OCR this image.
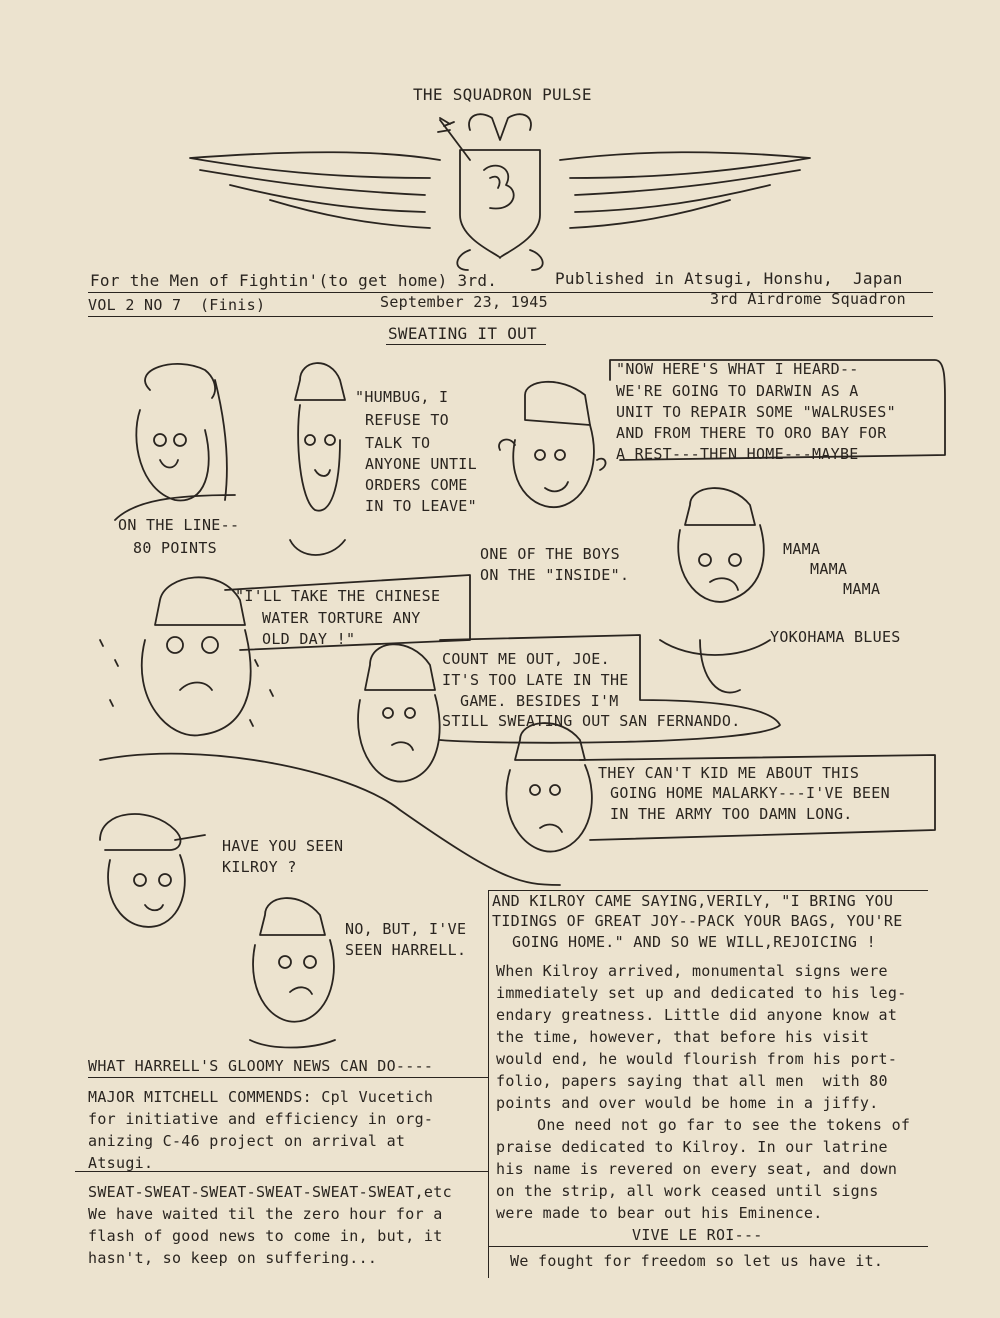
THE SQUADRON PULSE
For the Men of Fightin'(to get home) 3rd.	Published in Atsugi, Honshu,  Japan
VOL 2 NO 7  (Finis)	September 23, 1945	3rd Airdrome Squadron
SWEATING IT OUT
ON THE LINE--
80 POINTS
"HUMBUG, I
REFUSE TO
TALK TO
ANYONE UNTIL
ORDERS COME
IN TO LEAVE"
"NOW HERE'S WHAT I HEARD--
WE'RE GOING TO DARWIN AS A
UNIT TO REPAIR SOME "WALRUSES"
AND FROM THERE TO ORO BAY FOR
A REST---THEN HOME---MAYBE
ONE OF THE BOYS
ON THE "INSIDE".
MAMA
MAMA
MAMA
YOKOHAMA BLUES
"I'LL TAKE THE CHINESE
WATER TORTURE ANY
OLD DAY !"
COUNT ME OUT, JOE.
IT'S TOO LATE IN THE
GAME. BESIDES I'M
STILL SWEATING OUT SAN FERNANDO.
THEY CAN'T KID ME ABOUT THIS
GOING HOME MALARKY---I'VE BEEN
IN THE ARMY TOO DAMN LONG.
HAVE YOU SEEN
KILROY ?
NO, BUT, I'VE
SEEN HARRELL.
AND KILROY CAME SAYING,VERILY, "I BRING YOU
TIDINGS OF GREAT JOY--PACK YOUR BAGS, YOU'RE
GOING HOME." AND SO WE WILL,REJOICING !
When Kilroy arrived, monumental signs were
immediately set up and dedicated to his leg-
endary greatness. Little did anyone know at
the time, however, that before his visit
would end, he would flourish from his port-
folio, papers saying that all men  with 80
points and over would be home in a jiffy.
One need not go far to see the tokens of
praise dedicated to Kilroy. In our latrine
his name is revered on every seat, and down
on the strip, all work ceased until signs
were made to bear out his Eminence.
VIVE LE ROI---
We fought for freedom so let us have it.
WHAT HARRELL'S GLOOMY NEWS CAN DO----
MAJOR MITCHELL COMMENDS: Cpl Vucetich
for initiative and efficiency in org-
anizing C-46 project on arrival at
Atsugi.
SWEAT-SWEAT-SWEAT-SWEAT-SWEAT-SWEAT,etc
We have waited til the zero hour for a
flash of good news to come in, but, it
hasn't, so keep on suffering...
